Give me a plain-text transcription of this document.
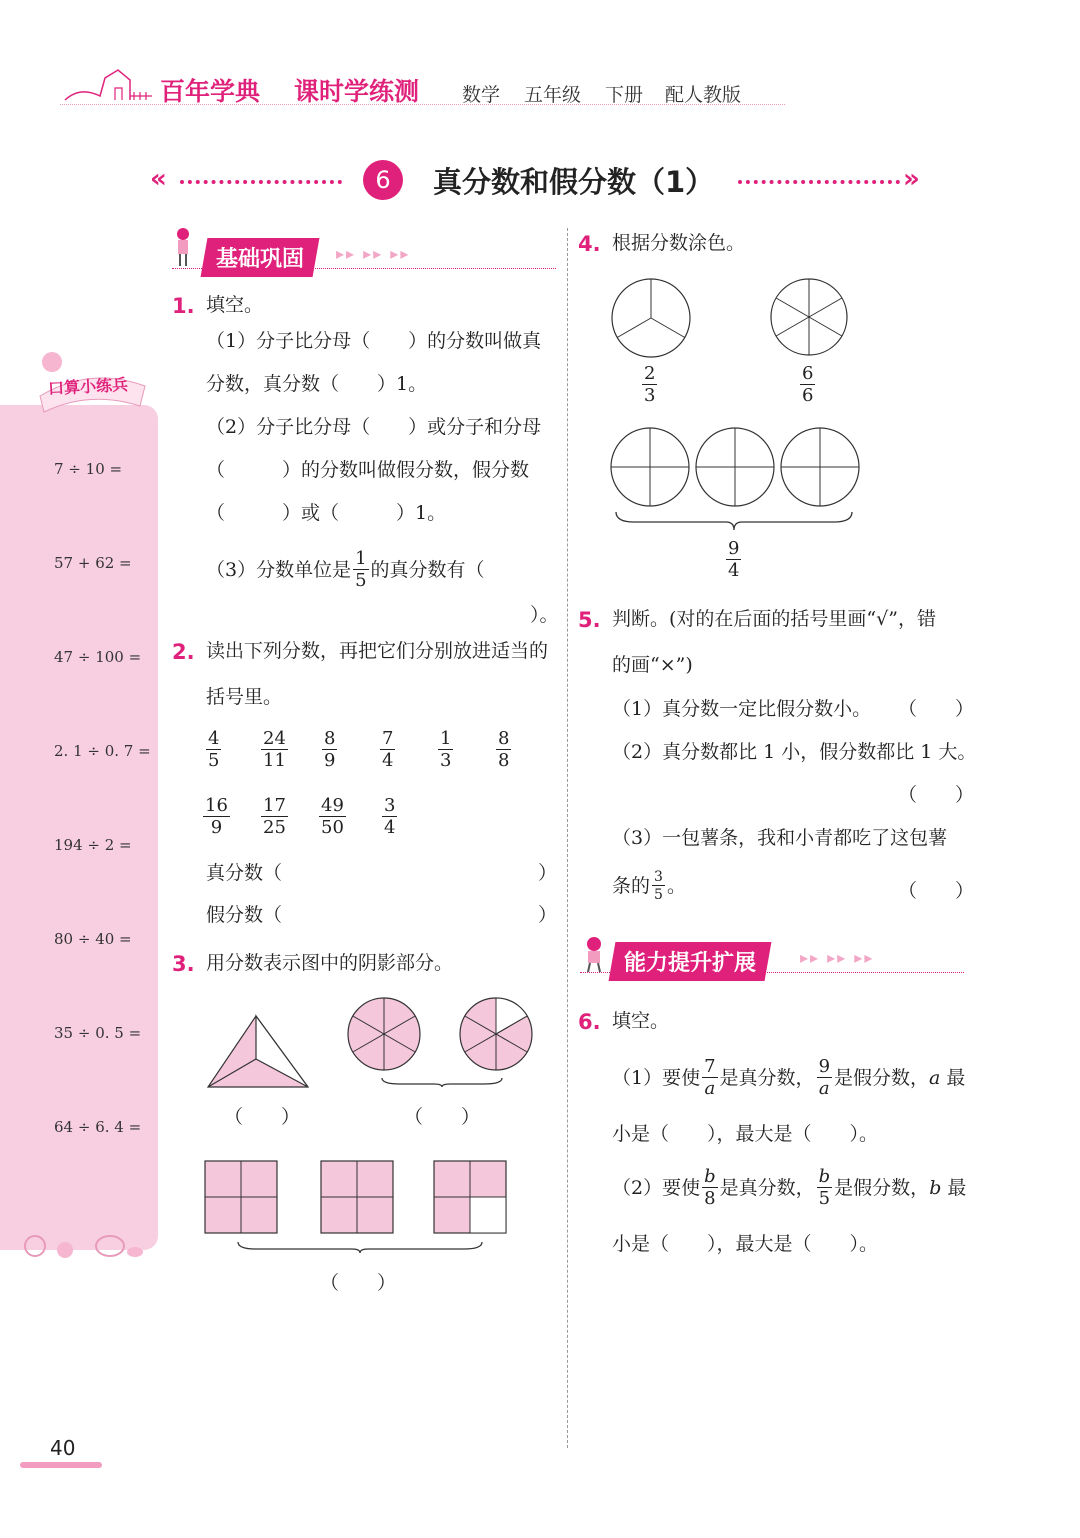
百年学典 课时学练测 数学 五年级 下册 配人教版
«	6	真分数和假分数（1）	»
口算小练兵
7 ÷ 10 =
57 + 62 =
47 ÷ 100 =
2. 1 ÷ 0. 7 =
194 ÷ 2 =
80 ÷ 40 =
35 ÷ 0. 5 =
64 ÷ 6. 4 =
基础巩固	▸▸ ▸▸ ▸▸
1. 填空。
（1）分子比分母（　　）的分数叫做真
分数，真分数（　　）1。
（2）分子比分母（　　）或分子和分母
（　　　）的分数叫做假分数，假分数
（　　　）或（　　　）1。
（3）分数单位是 $\frac{1}{5}$ 的真分数有（
）。
2. 读出下列分数，再把它们分别放进适当的
括号里。
$\frac{4}{5} \frac{24}{11} \frac{8}{9} \frac{7}{4} \frac{1}{3} \frac{8}{8}$
$\frac{16}{9} \frac{17}{25} \frac{49}{50} \frac{3}{4}$
真分数（	）
假分数（	）
3. 用分数表示图中的阴影部分。
（　　）	（　　）
（　　）
4. 根据分数涂色。
$\frac{2}{3}$	$\frac{6}{6}$
$\frac{9}{4}$
5. 判断。(对的在后面的括号里画“√”，错
的画“×”)
（1）真分数一定比假分数小。 （　　）
（2）真分数都比 1 小，假分数都比 1 大。
（　　）
（3）一包薯条，我和小青都吃了这包薯
条的 $\frac{3}{5}$ 。	（　　）
能力提升扩展	▸▸ ▸▸ ▸▸
6. 填空。
（1）要使 $\frac{7}{a}$ 是真分数， $\frac{9}{a}$ 是假分数， a 最
小是（　　），最大是（　　）。
（2）要使 $\frac{b}{8}$ 是真分数， $\frac{b}{5}$ 是假分数， b 最
小是（　　），最大是（　　）。
40
